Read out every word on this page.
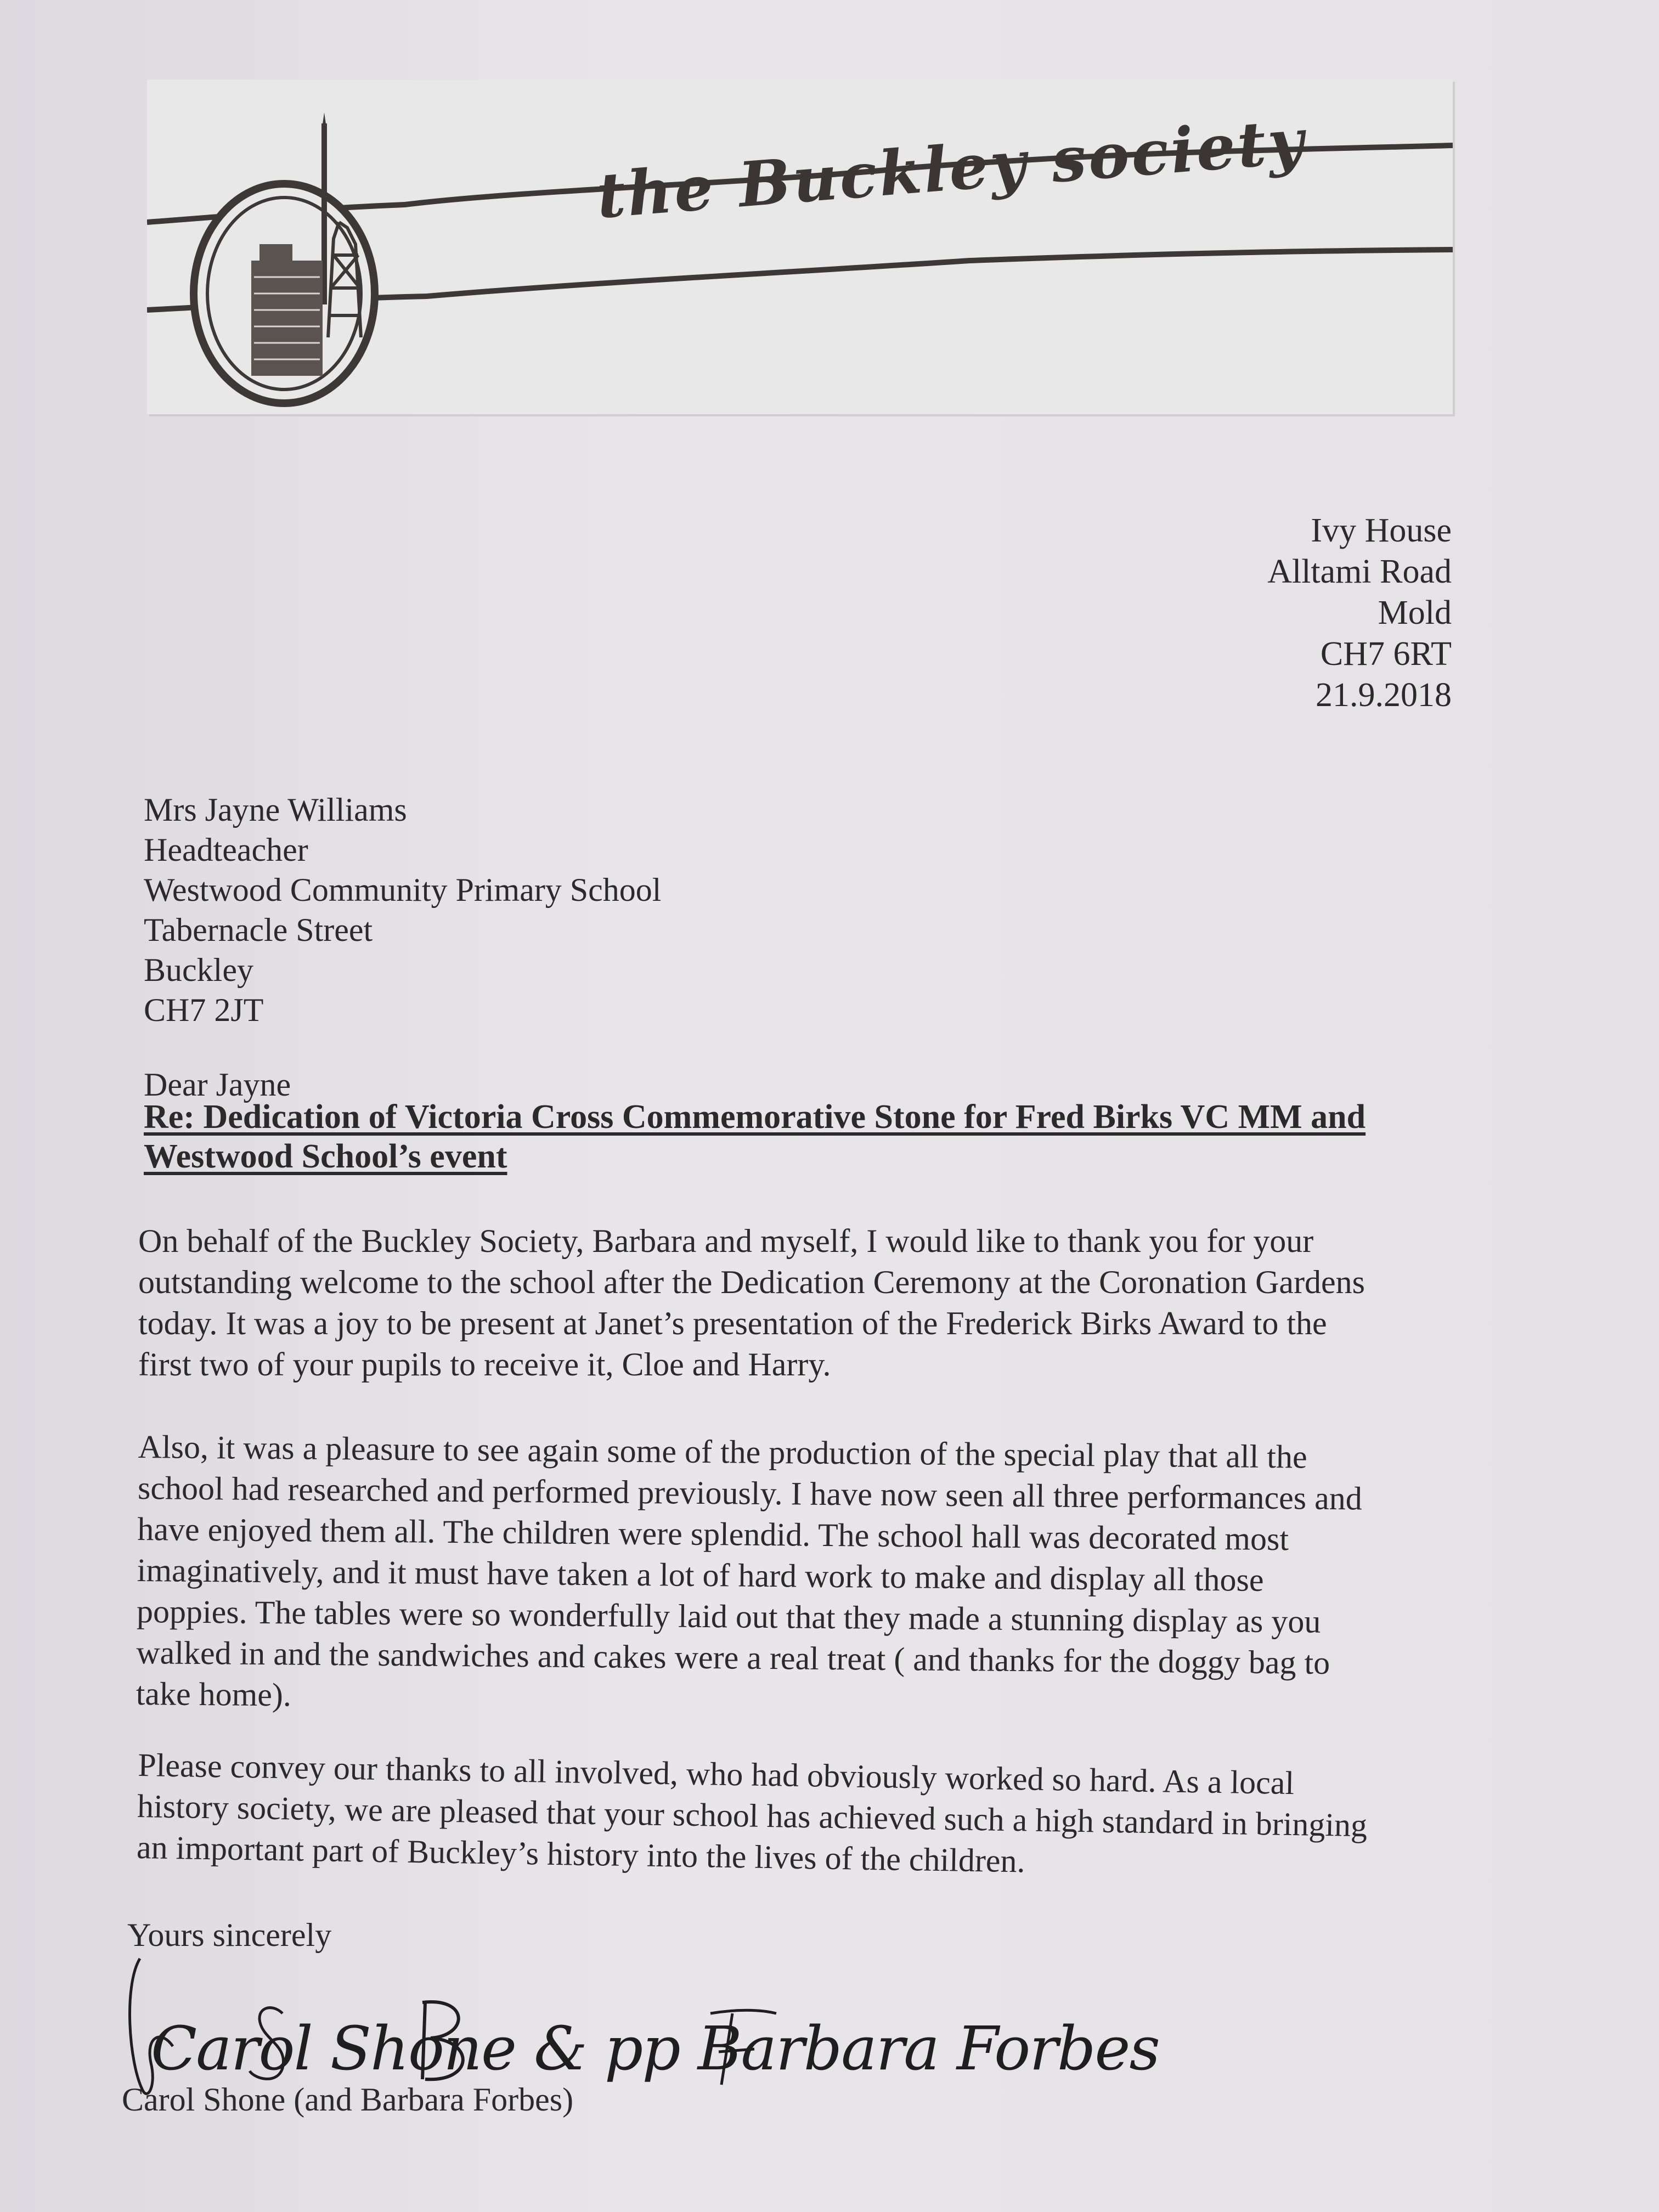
the Buckley society
Ivy House
Alltami Road
Mold
CH7 6RT
21.9.2018
Mrs Jayne Williams
Headteacher
Westwood Community Primary School
Tabernacle Street
Buckley
CH7 2JT
Dear Jayne
Re: Dedication of Victoria Cross Commemorative Stone for Fred Birks VC MM and
Westwood School’s event
On behalf of the Buckley Society, Barbara and myself, I would like to thank you for your
outstanding welcome to the school after the Dedication Ceremony at the Coronation Gardens
today. It was a joy to be present at Janet’s presentation of the Frederick Birks Award to the
first two of your pupils to receive it, Cloe and Harry.
Also, it was a pleasure to see again some of the production of the special play that all the
school had researched and performed previously. I have now seen all three performances and
have enjoyed them all. The children were splendid. The school hall was decorated most
imaginatively, and it must have taken a lot of hard work to make and display all those
poppies. The tables were so wonderfully laid out that they made a stunning display as you
walked in and the sandwiches and cakes were a real treat ( and thanks for the doggy bag to
take home).
Please convey our thanks to all involved, who had obviously worked so hard. As a local
history society, we are pleased that your school has achieved such a high standard in bringing
an important part of Buckley’s history into the lives of the children.
Yours sincerely
Carol Shone & pp Barbara Forbes
Carol Shone (and Barbara Forbes)
